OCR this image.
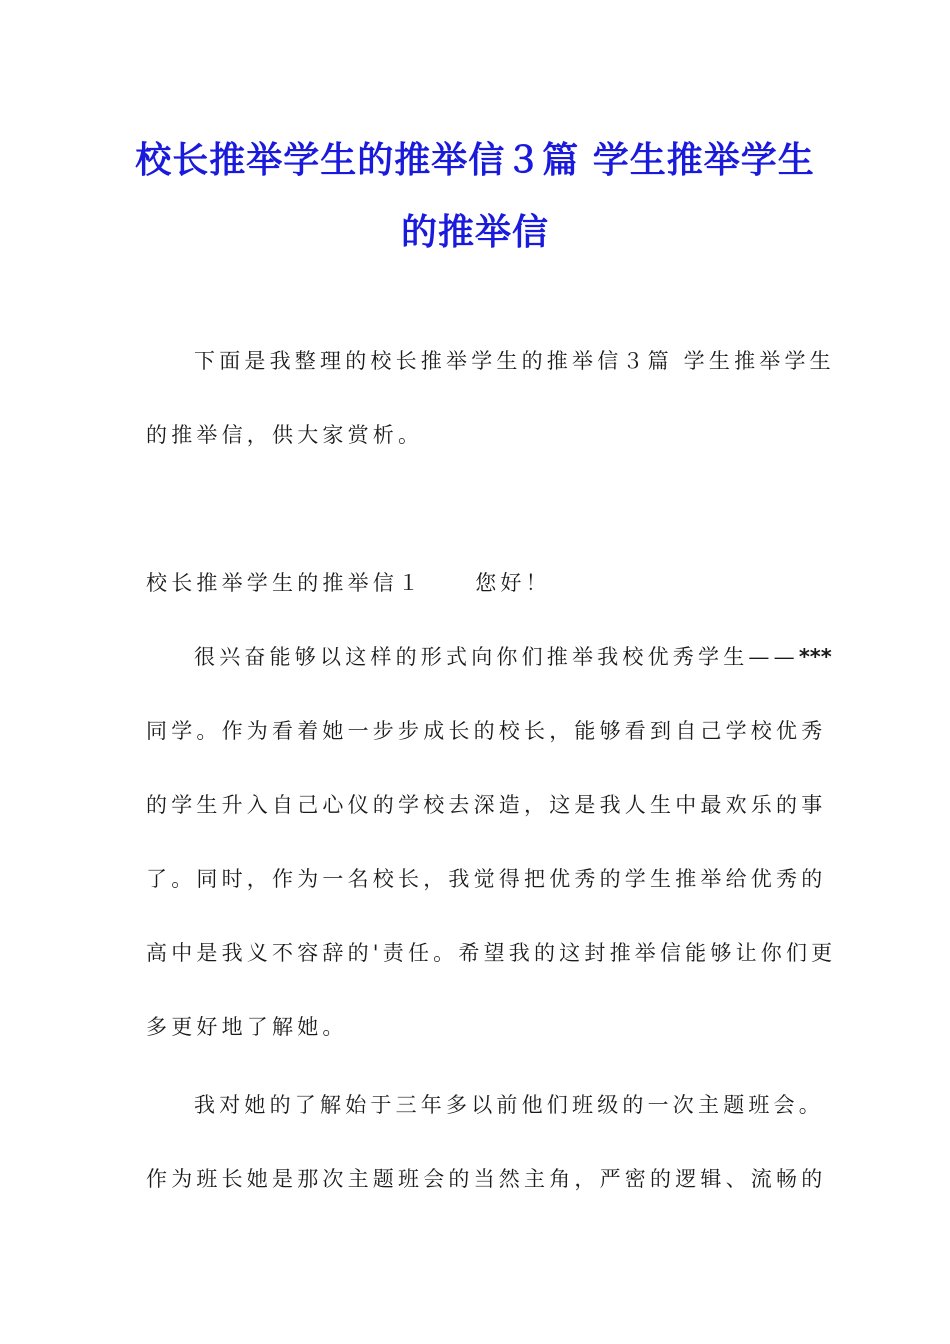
校长推举学生的推举信３篇 学生推举学生
的推举信
下面是我整理的校长推举学生的推举信３篇 学生推举学生
的推举信，供大家赏析。
校长推举学生的推举信１ 您好！
很兴奋能够以这样的形式向你们推举我校优秀学生——***
同学。作为看着她一步步成长的校长，能够看到自己学校优秀
的学生升入自己心仪的学校去深造，这是我人生中最欢乐的事
了。同时，作为一名校长，我觉得把优秀的学生推举给优秀的
高中是我义不容辞的'责任。希望我的这封推举信能够让你们更
多更好地了解她。
我对她的了解始于三年多以前他们班级的一次主题班会。
作为班长她是那次主题班会的当然主角，严密的逻辑、流畅的
